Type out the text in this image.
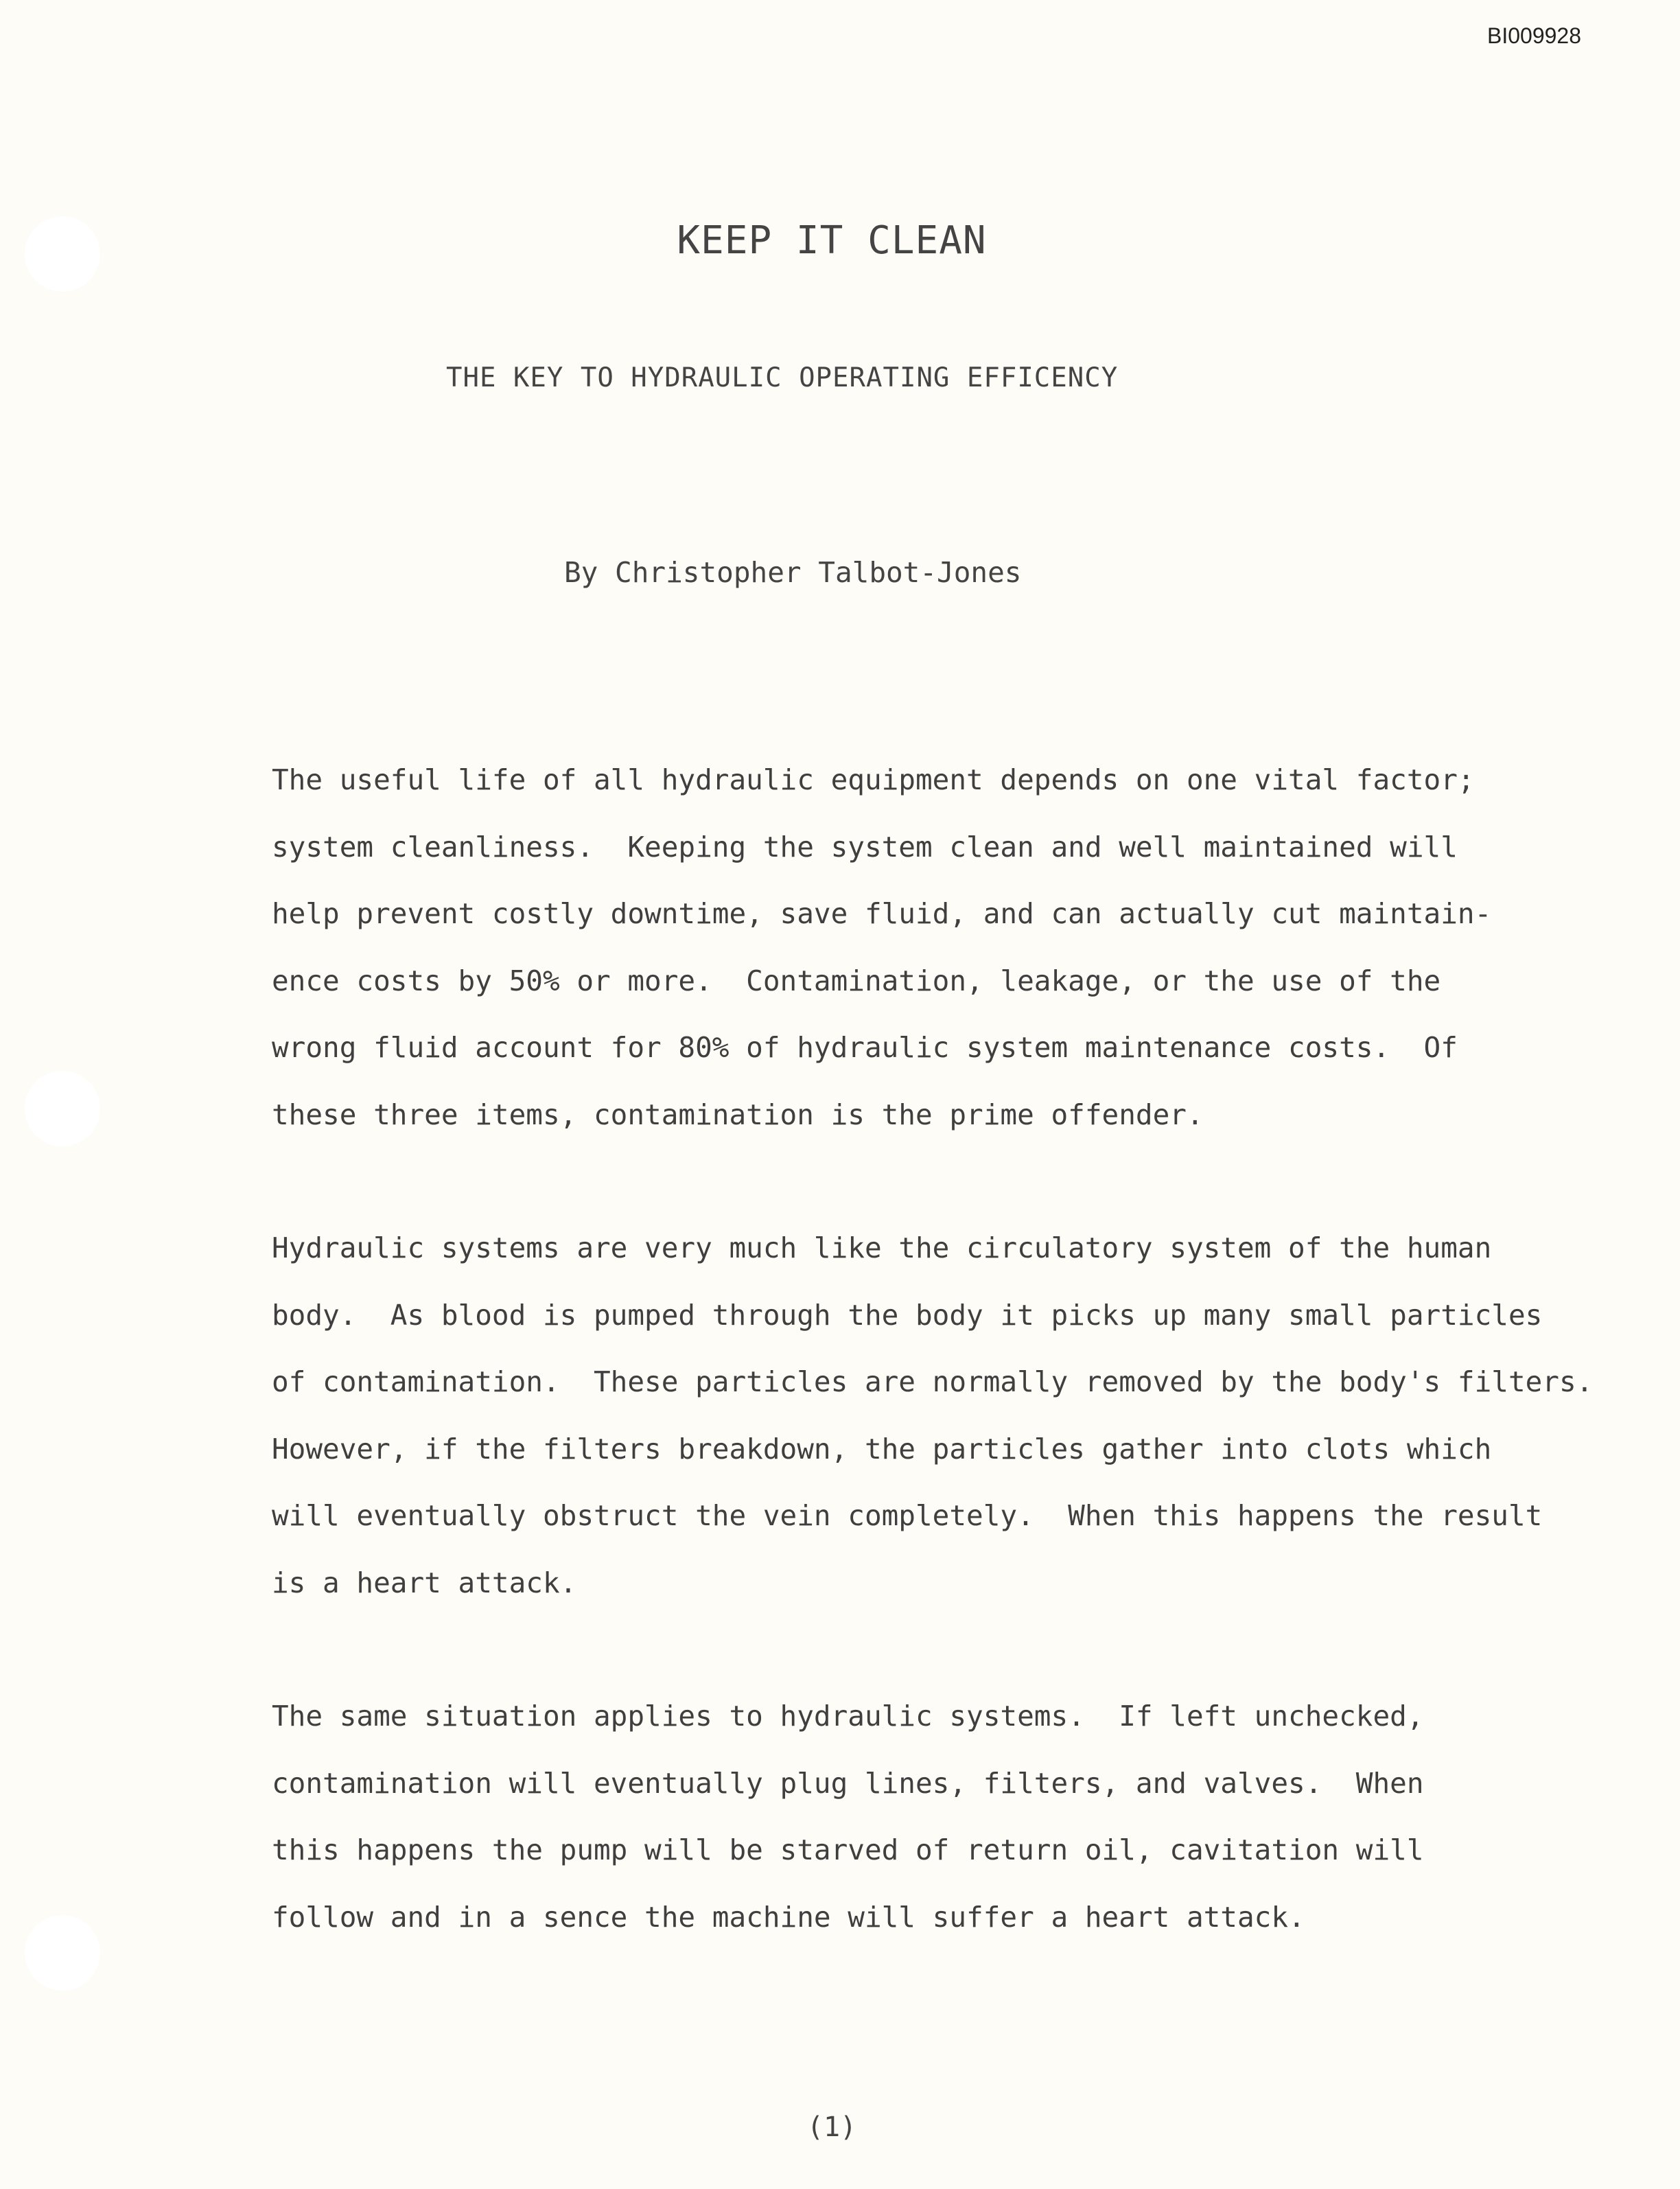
BI009928
KEEP IT CLEAN
THE KEY TO HYDRAULIC OPERATING EFFICENCY
By Christopher Talbot-Jones

The useful life of all hydraulic equipment depends on one vital factor;

system cleanliness.  Keeping the system clean and well maintained will

help prevent costly downtime, save fluid, and can actually cut maintain-

ence costs by 50% or more.  Contamination, leakage, or the use of the

wrong fluid account for 80% of hydraulic system maintenance costs.  Of

these three items, contamination is the prime offender.

Hydraulic systems are very much like the circulatory system of the human

body.  As blood is pumped through the body it picks up many small particles

of contamination.  These particles are normally removed by the body's filters.

However, if the filters breakdown, the particles gather into clots which

will eventually obstruct the vein completely.  When this happens the result

is a heart attack.

The same situation applies to hydraulic systems.  If left unchecked,

contamination will eventually plug lines, filters, and valves.  When

this happens the pump will be starved of return oil, cavitation will

follow and in a sence the machine will suffer a heart attack.

(1)
